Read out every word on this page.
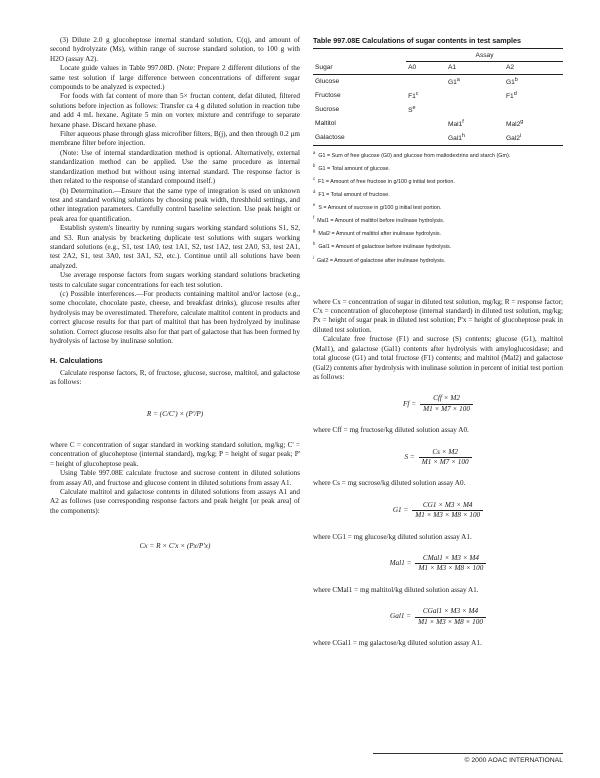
(3) Dilute 2.0 g glucoheptose internal standard solution, C(q), and amount of second hydrolyzate (Ms), within range of sucrose standard solution, to 100 g with H2O (assay A2).

Locate guide values in Table 997.08D. (Note: Prepare 2 different dilutions of the same test solution if large difference between concentrations of different sugar compounds to be analyzed is expected.)

For foods with fat content of more than 5× fructan content, defat diluted, filtered solutions before injection as follows: Transfer ca 4 g diluted solution in reaction tube and add 4 mL hexane. Agitate 5 min on vortex mixture and centrifuge to separate hexane phase. Discard hexane phase.

Filter aqueous phase through glass microfiber filters, B(j), and then through 0.2 μm membrane filter before injection.

(Note: Use of internal standardization method is optional. Alternatively, external standardization method can be applied. Use the same procedure as internal standardization method but without using internal standard. The response factor is then related to the response of standard compound itself.)

(b) Determination.—Ensure that the same type of integration is used on unknown test and standard working solutions by choosing peak width, threshhold settings, and other integration parameters. Carefully control baseline selection. Use peak height or peak area for quantification.

Establish system's linearity by running sugars working standard solutions S1, S2, and S3. Run analysis by bracketing duplicate test solutions with sugars working standard solutions (e.g., S1, test 1A0, test 1A1, S2, test 1A2, test 2A0, S3, test 2A1, test 2A2, S1, test 3A0, test 3A1, S2, etc.). Continue until all solutions have been analyzed.

Use average response factors from sugars working standard solutions bracketing tests to calculate sugar concentrations for each test solution.

(c) Possible interferences.—For products containing maltitol and/or lactose (e.g., some chocolate, chocolate paste, cheese, and breakfast drinks), glucose results after hydrolysis may be overestimated. Therefore, calculate maltitol content in products and correct glucose results for that part of maltitol that has been hydrolyzed by inulinase solution. Correct glucose results also for that part of galactose that has been formed by hydrolysis of lactose by inulinase solution.

H. Calculations

Calculate response factors, R, of fructose, glucose, sucrose, maltitol, and galactose as follows:

R = (C/C') × (P'/P)

where C = concentration of sugar standard in working standard solution, mg/kg; C' = concentration of glucoheptose (internal standard), mg/kg; P = height of sugar peak; P' = height of glucoheptose peak.

Using Table 997.08E calculate fructose and sucrose content in diluted solutions from assay A0, and fructose and glucose content in diluted solutions from assay A1.

Calculate maltitol and galactose contents in diluted solutions from assays A1 and A2 as follows (use corresponding response factors and peak height [or peak area] of the components):

Cx = R × C'x × (Px/P'x)
Table 997.08E Calculations of sugar contents in test samples
	Assay		
Sugar	A0	A1	A2
Glucose		G1$^a$	G1$^b$
Fructose	F1$^c$		F1$^d$
Sucrose	$S^e$		
Maltitol		Mal1$^f$	Mal2$^g$
Galactose		Gal1$^h$	Gal2$^i$
$^a$  G1 = Sum of free glucose (G0) and glucose from maltodextrins and starch (Gm).
$^b$  G1 = Total amount of glucose.
$^c$  F1 = Amount of free fructose in g/100 g initial test portion.
$^d$  F1 = Total amount of fructose.
$^e$  S = Amount of sucrose in g/100 g initial test portion.
$^f$  Mal1 = Amount of maltitol before inulinase hydrolysis.
$^g$  Mal2 = Amount of maltitol after inulinase hydrolysis.
$^h$  Gal1 = Amount of galactose before inulinase hydrolysis.
$^i$  Gal2 = Amount of galactose after inulinase hydrolysis.

where Cx = concentration of sugar in diluted test solution, mg/kg; R = response factor; C'x = concentration of glucoheptose (internal standard) in diluted test solution, mg/kg; Px = height of sugar peak in diluted test solution; P'x = height of glucoheptose peak in diluted test solution.

Calculate free fructose (F1) and sucrose (S) contents; glucose (G1), maltitol (Mal1), and galactose (Gal1) contents after hydrolysis with amyloglucosidase; and total glucose (G1) and total fructose (F1) contents; and maltitol (Mal2) and galactose (Gal2) contents after hydrolysis with inulinase solution in percent of initial test portion as follows:

$Ff = \frac{\text{Cff × M2}}{M1 \times M7 \times 100}$

where Cff = mg fructose/kg diluted solution assay A0.

$S = \frac{Cs \times M2}{M1 \times M7 \times 100}$

where Cs = mg sucrose/kg diluted solution assay A0.

$G1 = \frac{CG1 \times M3 \times M4}{M1 \times M3 \times M8 \times 100}$

where CG1 = mg glucose/kg diluted solution assay A1.

$Mal1 = \frac{\text{CMal1 × M3 × M4}}{M1 \times M3 \times M8 \times 100}$

where CMal1 = mg maltitol/kg diluted solution assay A1.

$Gal1 = \frac{\text{CGal1 × M3 × M4}}{M1 \times M3 \times M8 \times 100}$

where CGal1 = mg galactose/kg diluted solution assay A1.

© 2000 AOAC INTERNATIONAL
